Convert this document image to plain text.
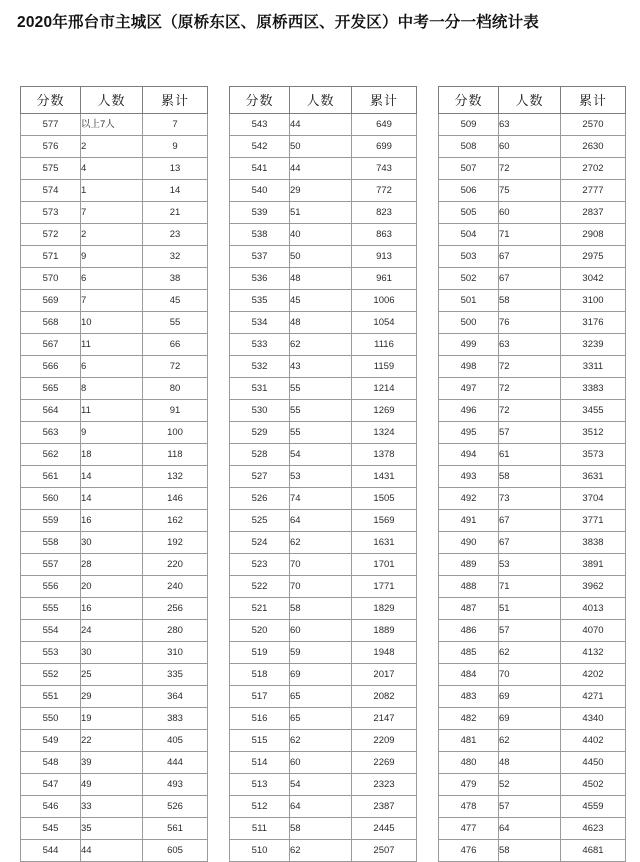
2020年邢台市主城区（原桥东区、原桥西区、开发区）中考一分一档统计表
分数	人数	累计
577	以上7人	7
576	2	9
575	4	13
574	1	14
573	7	21
572	2	23
571	9	32
570	6	38
569	7	45
568	10	55
567	11	66
566	6	72
565	8	80
564	11	91
563	9	100
562	18	118
561	14	132
560	14	146
559	16	162
558	30	192
557	28	220
556	20	240
555	16	256
554	24	280
553	30	310
552	25	335
551	29	364
550	19	383
549	22	405
548	39	444
547	49	493
546	33	526
545	35	561
544	44	605
分数	人数	累计
543	44	649
542	50	699
541	44	743
540	29	772
539	51	823
538	40	863
537	50	913
536	48	961
535	45	1006
534	48	1054
533	62	1116
532	43	1159
531	55	1214
530	55	1269
529	55	1324
528	54	1378
527	53	1431
526	74	1505
525	64	1569
524	62	1631
523	70	1701
522	70	1771
521	58	1829
520	60	1889
519	59	1948
518	69	2017
517	65	2082
516	65	2147
515	62	2209
514	60	2269
513	54	2323
512	64	2387
511	58	2445
510	62	2507
分数	人数	累计
509	63	2570
508	60	2630
507	72	2702
506	75	2777
505	60	2837
504	71	2908
503	67	2975
502	67	3042
501	58	3100
500	76	3176
499	63	3239
498	72	3311
497	72	3383
496	72	3455
495	57	3512
494	61	3573
493	58	3631
492	73	3704
491	67	3771
490	67	3838
489	53	3891
488	71	3962
487	51	4013
486	57	4070
485	62	4132
484	70	4202
483	69	4271
482	69	4340
481	62	4402
480	48	4450
479	52	4502
478	57	4559
477	64	4623
476	58	4681
